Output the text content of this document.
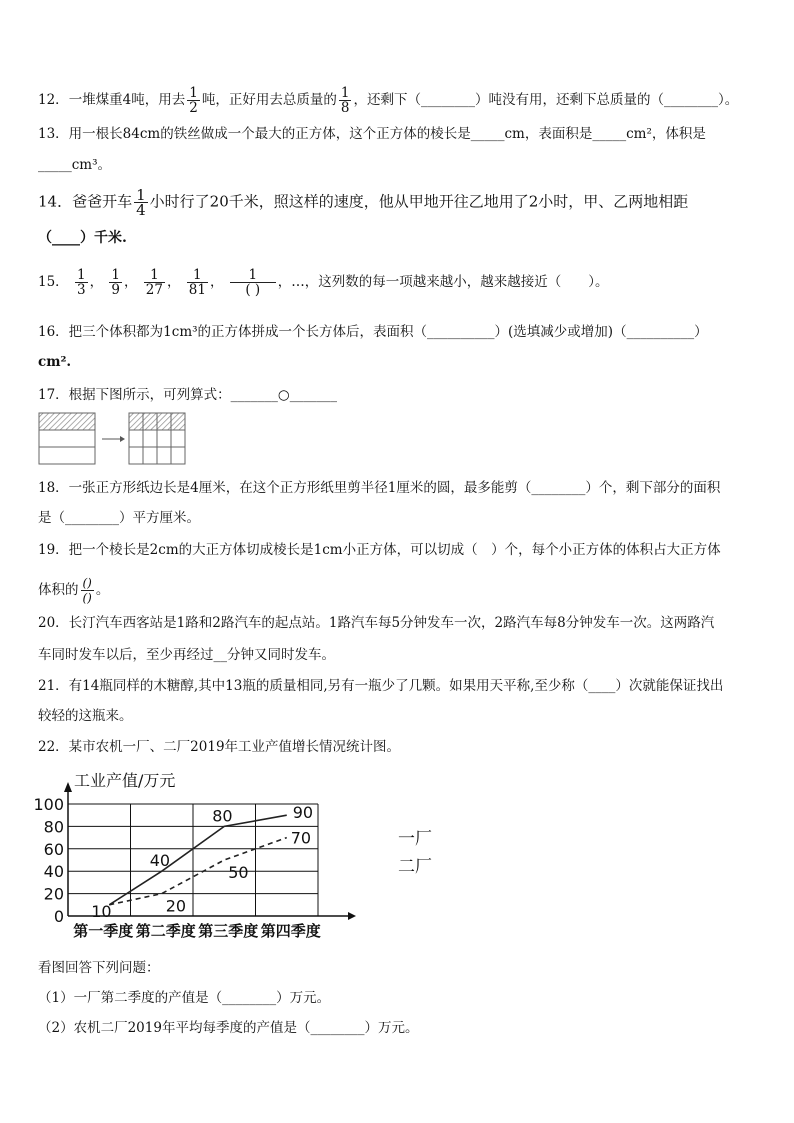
12．一堆煤重4吨，用去 $\frac{1}{2}$ 吨，正好用去总质量的 $\frac{1}{8}$ ，还剩下（________）吨没有用，还剩下总质量的（________）。
13．用一根长84cm的铁丝做成一个最大的正方体，这个正方体的棱长是_____cm，表面积是_____cm²，体积是
_____cm³。
14．爸爸开车 $\frac{1}{4}$ 小时行了20千米，照这样的速度，他从甲地开往乙地用了2小时，甲、乙两地相距
（____）千米.
15． $\frac{1}{3}$ ， $\frac{1}{9}$ ， $\frac{1}{27}$ ， $\frac{1}{81}$ ， $\frac{1}{( )}$ ，…，这列数的每一项越来越小，越来越接近（　　）。
16．把三个体积都为1cm³的正方体拼成一个长方体后，表面积（__________）(选填减少或增加)（__________）
cm².
17．根据下图所示，可列算式：_______○_______
18．一张正方形纸边长是4厘米，在这个正方形纸里剪半径1厘米的圆，最多能剪（________）个，剩下部分的面积
是（________）平方厘米。
19．把一个棱长是2cm的大正方体切成棱长是1cm小正方体，可以切成（　）个，每个小正方体的体积占大正方体
体积的 $\frac{()}{()}$ 。
20．长汀汽车西客站是1路和2路汽车的起点站。1路汽车每5分钟发车一次，2路汽车每8分钟发车一次。这两路汽
车同时发车以后，至少再经过__分钟又同时发车。
21．有14瓶同样的木糖醇,其中13瓶的质量相同,另有一瓶少了几颗。如果用天平称,至少称（____）次就能保证找出
较轻的这瓶来。
22．某市农机一厂、二厂2019年工业产值增长情况统计图。
工业产值/万元
0
20
40
60
80
100
第一季度 第二季度 第三季度 第四季度
10
40
80	90
20
50
70	一厂
二厂
看图回答下列问题：
（1）一厂第二季度的产值是（________）万元。
（2）农机二厂2019年平均每季度的产值是（________）万元。
